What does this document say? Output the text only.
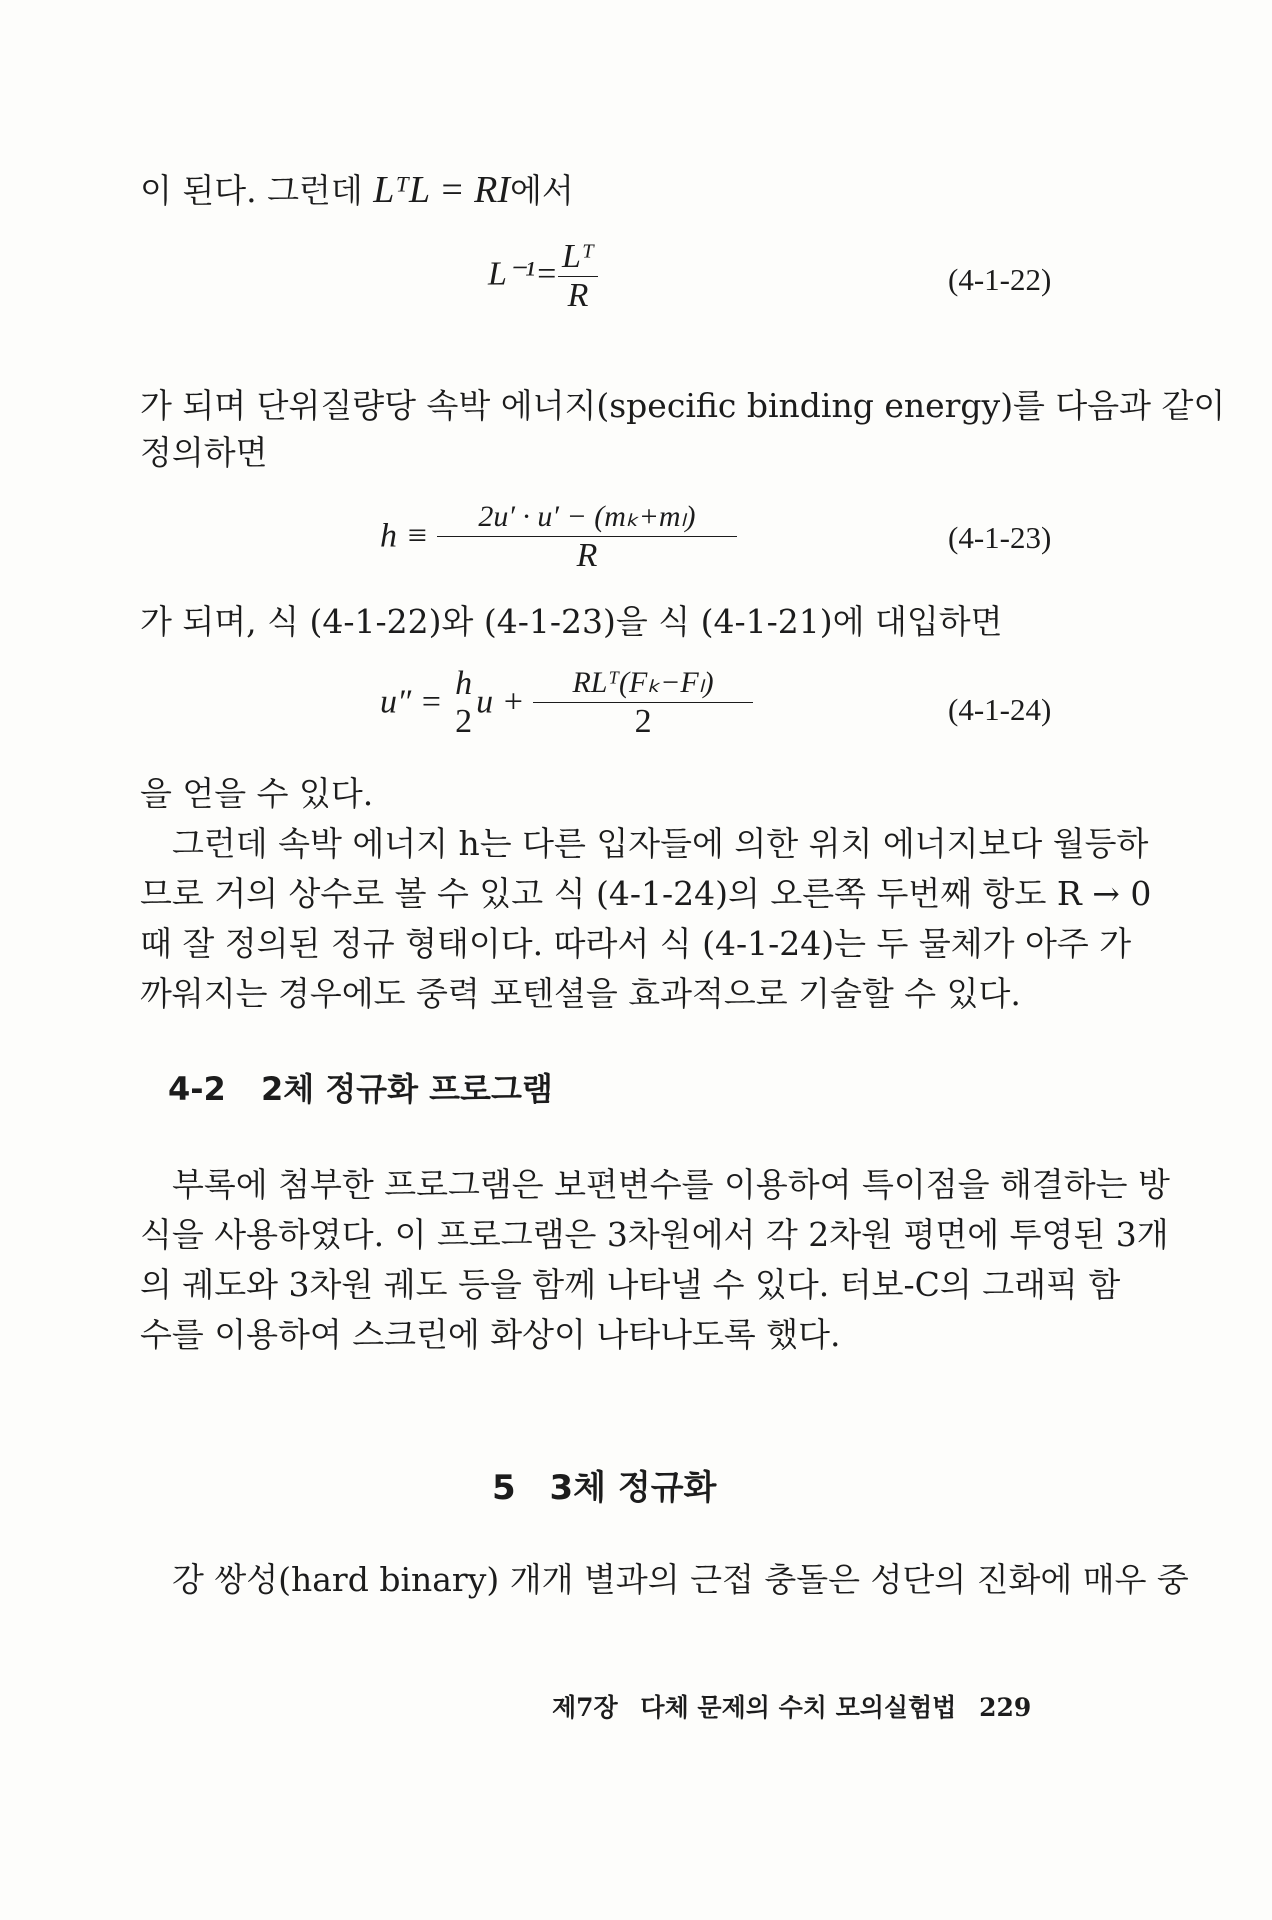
이 된다. 그런데 LᵀL = RI에서
$L^{-1}= \frac{\text{Lᵀ}}{R}$	(4-1-22)
가 되며 단위질량당 속박 에너지(specific binding energy)를 다음과 같이
정의하면
$h \equiv \frac{\text{2u′ · u′ − (mₖ+mₗ)}}{R}$	(4-1-23)
가 되며, 식 (4-1-22)와 (4-1-23)을 식 (4-1-21)에 대입하면
u″ =
h
2
$u + \frac{\text{RLᵀ(Fₖ−Fₗ)}}{2}$	(4-1-24)
을 얻을 수 있다.
그런데 속박 에너지 h는 다른 입자들에 의한 위치 에너지보다 월등하
므로 거의 상수로 볼 수 있고 식 (4-1-24)의 오른쪽 두번째 항도 R → 0
때 잘 정의된 정규 형태이다. 따라서 식 (4-1-24)는 두 물체가 아주 가
까워지는 경우에도 중력 포텐셜을 효과적으로 기술할 수 있다.
4-2 2체 정규화 프로그램
부록에 첨부한 프로그램은 보편변수를 이용하여 특이점을 해결하는 방
식을 사용하였다. 이 프로그램은 3차원에서 각 2차원 평면에 투영된 3개
의 궤도와 3차원 궤도 등을 함께 나타낼 수 있다. 터보-C의 그래픽 함
수를 이용하여 스크린에 화상이 나타나도록 했다.
5 3체 정규화
강 쌍성(hard binary) 개개 별과의 근접 충돌은 성단의 진화에 매우 중
제7장 다체 문제의 수치 모의실험법 229
